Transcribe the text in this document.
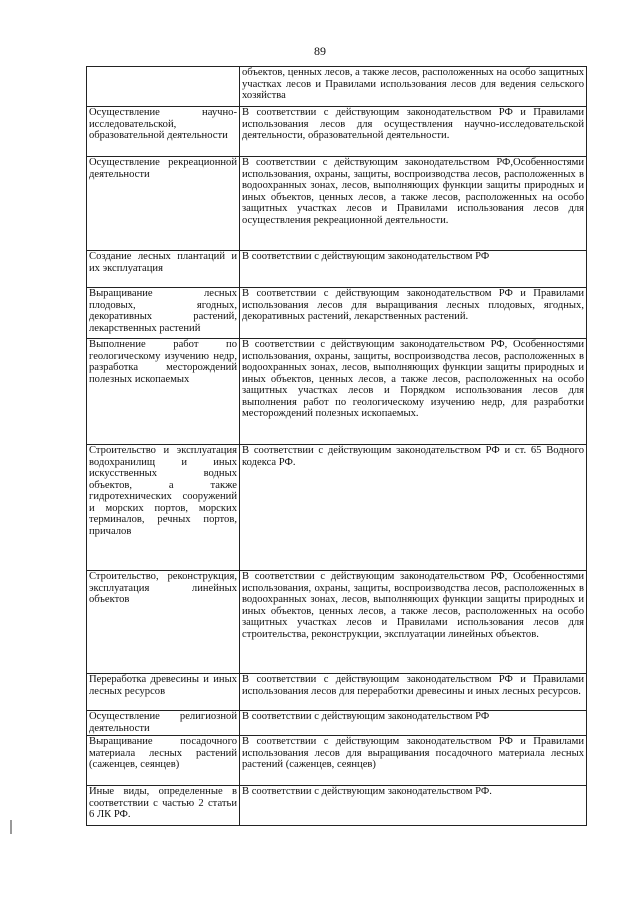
89
	объектов, ценных лесов, а также лесов, расположенных на особо защитных участках лесов и Правилами использования лесов для ведения сельского хозяйства
Осуществление научно-исследовательской, образовательной деятельности	В соответствии с действующим законодательством РФ и Правилами использования лесов для осуществления научно-исследовательской деятельности, образовательной деятельности.
Осуществление рекреационной деятельности	В соответствии с действующим законодательством РФ,Особенностями использования, охраны, защиты, воспроизводства лесов, расположенных в водоохранных зонах, лесов, выполняющих функции защиты природных и иных объектов, ценных лесов, а также лесов, расположенных на особо защитных участках лесов и Правилами использования лесов для осуществления рекреационной деятельности.
Создание лесных плантаций и их эксплуатация	В соответствии с действующим законодательством РФ
Выращивание лесных плодовых, ягодных, декоративных растений, лекарственных растений	В соответствии с действующим законодательством РФ и Правилами использования лесов для выращивания лесных плодовых, ягодных, декоративных растений, лекарственных растений.
Выполнение работ по геологическому изучению недр, разработка месторождений полезных ископаемых	В соответствии с действующим законодательством РФ, Особенностями использования, охраны, защиты, воспроизводства лесов, расположенных в водоохранных зонах, лесов, выполняющих функции защиты природных и иных объектов, ценных лесов, а также лесов, расположенных на особо защитных участках лесов и Порядком использования лесов для выполнения работ по геологическому изучению недр, для разработки месторождений полезных ископаемых.
Строительство и эксплуатация водохранилищ и иных искусственных водных объектов, а также гидротехнических сооружений и морских портов, морских терминалов, речных портов, причалов	В соответствии с действующим законодательством РФ и ст. 65 Водного кодекса РФ.
Строительство, реконструкция, эксплуатация линейных объектов	В соответствии с действующим законодательством РФ, Особенностями использования, охраны, защиты, воспроизводства лесов, расположенных в водоохранных зонах, лесов, выполняющих функции защиты природных и иных объектов, ценных лесов, а также лесов, расположенных на особо защитных участках лесов и Правилами использования лесов для строительства, реконструкции, эксплуатации линейных объектов.
Переработка древесины и иных лесных ресурсов	В соответствии с действующим законодательством РФ и Правилами использования лесов для переработки древесины и иных лесных ресурсов.
Осуществление религиозной деятельности	В соответствии с действующим законодательством РФ
Выращивание посадочного материала лесных растений (саженцев, сеянцев)	В соответствии с действующим законодательством РФ и Правилами использования лесов для выращивания посадочного материала лесных растений (саженцев, сеянцев)
Иные виды, определенные в соответствии с частью 2 статьи 6 ЛК РФ.	В соответствии с действующим законодательством РФ.
